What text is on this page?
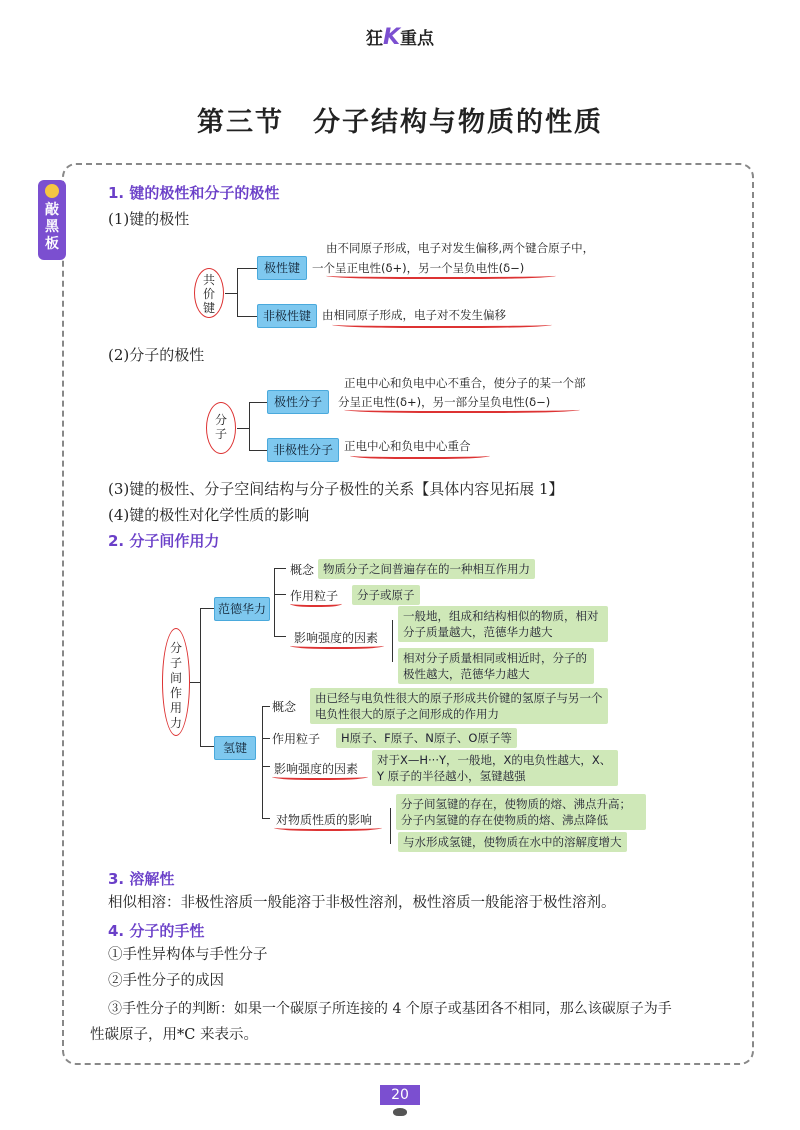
狂K重点
第三节　分子结构与物质的性质
敲黑板
1. 键的极性和分子的极性
(1)键的极性
共价键
极性键
由不同原子形成，电子对发生偏移,两个键合原子中，
一个呈正电性(δ+)，另一个呈负电性(δ−)
非极性键 由相同原子形成，电子对不发生偏移
(2)分子的极性
分子
极性分子
正电中心和负电中心不重合，使分子的某一个部
分呈正电性(δ+)，另一部分呈负电性(δ−)
非极性分子 正电中心和负电中心重合
(3)键的极性、分子空间结构与分子极性的关系【具体内容见拓展 1】
(4)键的极性对化学性质的影响
2. 分子间作用力
分子间作用力
范德华力
概念 物质分子之间普遍存在的一种相互作用力
作用粒子	分子或原子
影响强度的因素
一般地，组成和结构相似的物质，相对分子质量越大，范德华力越大
相对分子质量相同或相近时，分子的极性越大，范德华力越大
氢键
概念
由已经与电负性很大的原子形成共价键的氢原子与另一个电负性很大的原子之间形成的作用力
作用粒子	H原子、F原子、N原子、O原子等
影响强度的因素
对于X—H···Y，一般地，X的电负性越大，X、Y 原子的半径越小，氢键越强
对物质性质的影响
分子间氢键的存在，使物质的熔、沸点升高；分子内氢键的存在使物质的熔、沸点降低
与水形成氢键，使物质在水中的溶解度增大
3. 溶解性
相似相溶：非极性溶质一般能溶于非极性溶剂，极性溶质一般能溶于极性溶剂。
4. 分子的手性
①手性异构体与手性分子
②手性分子的成因
③手性分子的判断：如果一个碳原子所连接的 4 个原子或基团各不相同，那么该碳原子为手
性碳原子，用*C 来表示。
20
